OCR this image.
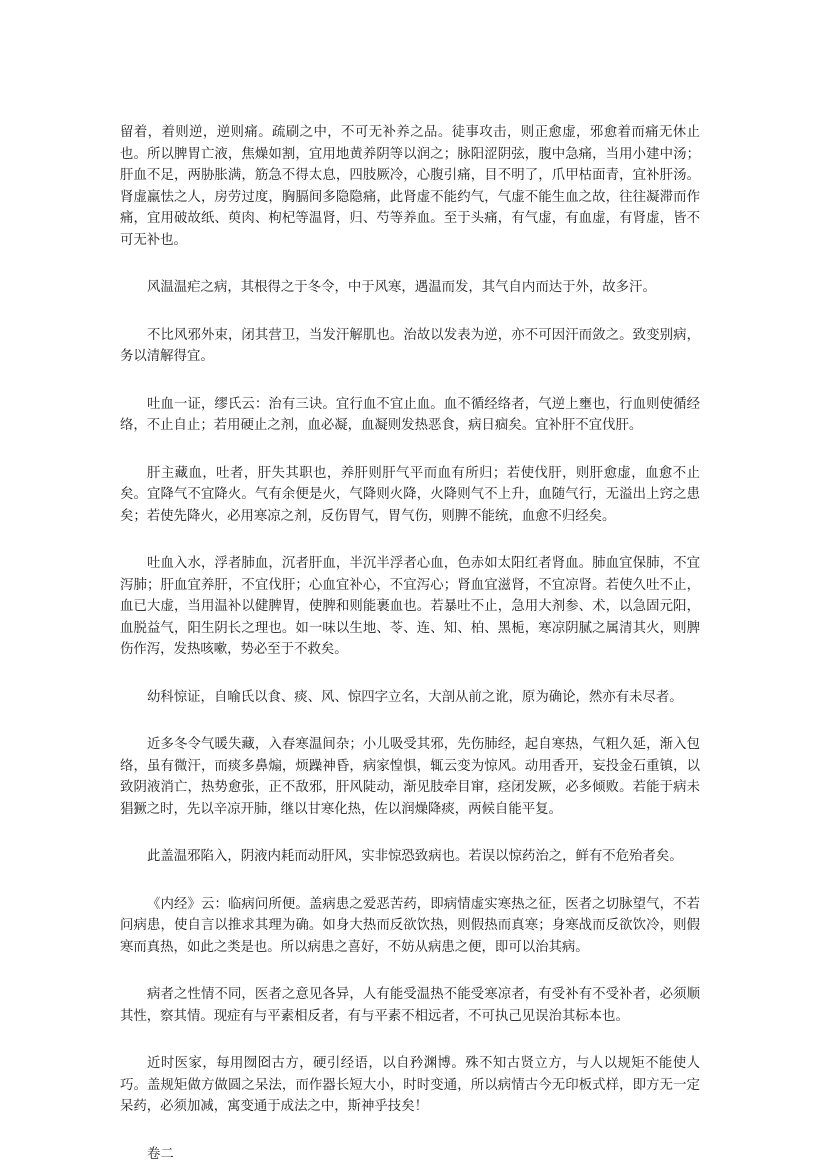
留着，着则逆，逆则痛。疏刷之中，不可无补养之品。徒事攻击，则正愈虚，邪愈着而痛无休止也。所以脾胃亡液，焦燥如割，宜用地黄养阴等以润之；脉阳涩阴弦，腹中急痛，当用小建中汤；肝血不足，两胁胀满，筋急不得太息，四肢厥冷，心腹引痛，目不明了，爪甲枯面青，宜补肝汤。肾虚羸怯之人，房劳过度，胸膈间多隐隐痛，此肾虚不能约气，气虚不能生血之故，往往凝滞而作痛，宜用破故纸、萸肉、枸杞等温肾，归、芍等养血。至于头痛，有气虚，有血虚，有肾虚，皆不可无补也。

风温温疟之病，其根得之于冬令，中于风寒，遇温而发，其气自内而达于外，故多汗。

不比风邪外束，闭其营卫，当发汗解肌也。治故以发表为逆，亦不可因汗而敛之。致变别病，务以清解得宜。

吐血一证，缪氏云：治有三诀。宜行血不宜止血。血不循经络者，气逆上壅也，行血则使循经络，不止自止；若用硬止之剂，血必凝，血凝则发热恶食，病日痼矣。宜补肝不宜伐肝。

肝主藏血，吐者，肝失其职也，养肝则肝气平而血有所归；若使伐肝，则肝愈虚，血愈不止矣。宜降气不宜降火。气有余便是火，气降则火降，火降则气不上升，血随气行，无溢出上窍之患矣；若使先降火，必用寒凉之剂，反伤胃气，胃气伤，则脾不能统，血愈不归经矣。

吐血入水，浮者肺血，沉者肝血，半沉半浮者心血，色赤如太阳红者肾血。肺血宜保肺，不宜泻肺；肝血宜养肝，不宜伐肝；心血宜补心，不宜泻心；肾血宜滋肾，不宜凉肾。若使久吐不止，血已大虚，当用温补以健脾胃，使脾和则能裹血也。若暴吐不止，急用大剂参、术，以急固元阳，血脱益气，阳生阴长之理也。如一味以生地、苓、连、知、柏、黑栀，寒凉阴腻之属清其火，则脾伤作泻，发热咳嗽，势必至于不救矣。

幼科惊证，自喻氏以食、痰、风、惊四字立名，大剖从前之讹，原为确论，然亦有未尽者。

近多冬令气暖失藏，入春寒温间杂；小儿吸受其邪，先伤肺经，起自寒热，气粗久延，渐入包络，虽有微汗，而痰多鼻煽，烦躁神昏，病家惶惧，辄云变为惊风。动用香开，妄投金石重镇，以致阴液消亡，热势愈张，正不敌邪，肝风陡动，渐见肢牵目窜，痉闭发厥，必多倾败。若能于病未猖獗之时，先以辛凉开肺，继以甘寒化热，佐以润燥降痰，两候自能平复。

此盖温邪陷入，阴液内耗而动肝风，实非惊恐致病也。若误以惊药治之，鲜有不危殆者矣。

《内经》云：临病问所便。盖病患之爱恶苦药，即病情虚实寒热之征，医者之切脉望气，不若问病患，使自言以推求其理为确。如身大热而反欲饮热，则假热而真寒；身寒战而反欲饮冷，则假寒而真热，如此之类是也。所以病患之喜好，不妨从病患之便，即可以治其病。

病者之性情不同，医者之意见各异，人有能受温热不能受寒凉者，有受补有不受补者，必须顺其性，察其情。现症有与平素相反者，有与平素不相远者，不可执己见误治其标本也。

近时医家，每用囫囵古方，硬引经语，以自矜渊博。殊不知古贤立方，与人以规矩不能使人巧。盖规矩做方做圆之呆法，而作器长短大小，时时变通，所以病情古今无印板式样，即方无一定呆药，必须加减，寓变通于成法之中，斯神乎技矣！

卷二
